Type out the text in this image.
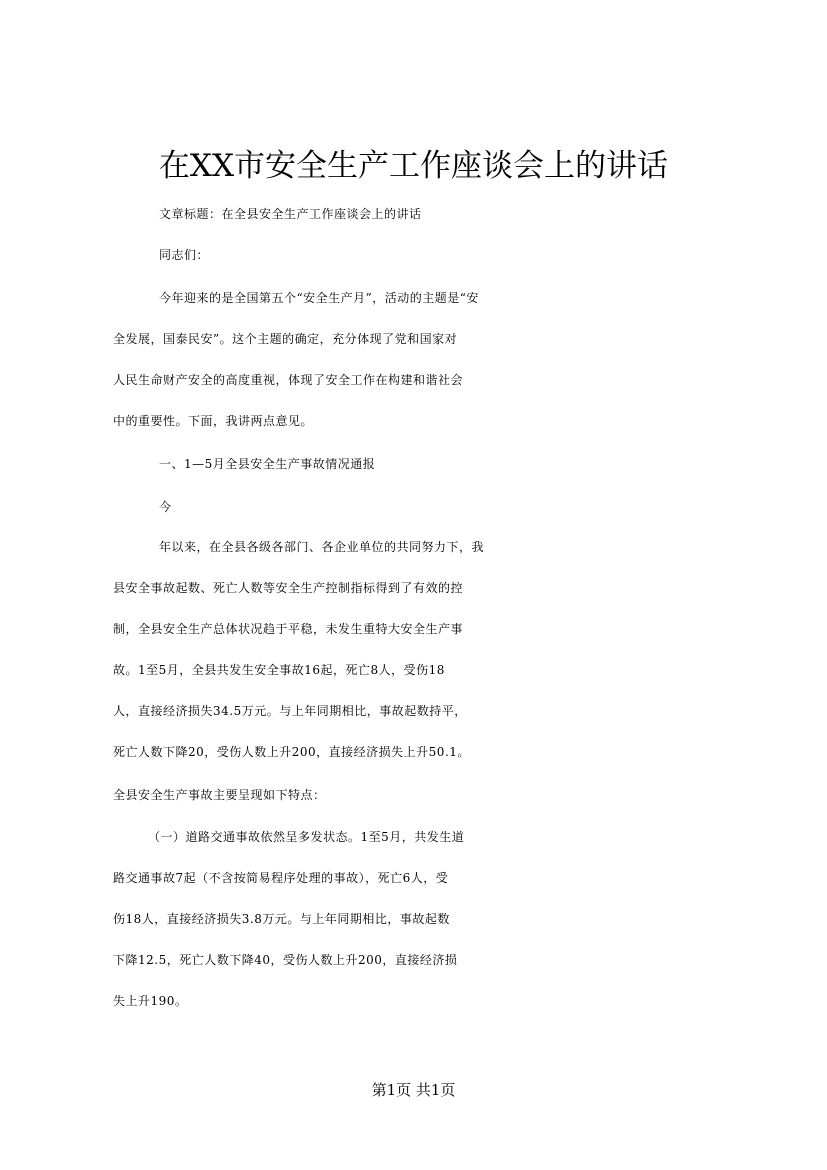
在XX市安全生产工作座谈会上的讲话
文章标题：在全县安全生产工作座谈会上的讲话
同志们：
今年迎来的是全国第五个“安全生产月”，活动的主题是“安
全发展，国泰民安”。这个主题的确定，充分体现了党和国家对
人民生命财产安全的高度重视，体现了安全工作在构建和谐社会
中的重要性。下面，我讲两点意见。
一、1—5月全县安全生产事故情况通报
今
年以来，在全县各级各部门、各企业单位的共同努力下，我
县安全事故起数、死亡人数等安全生产控制指标得到了有效的控
制，全县安全生产总体状况趋于平稳，未发生重特大安全生产事
故。1至5月，全县共发生安全事故16起，死亡8人，受伤18
人，直接经济损失34.5万元。与上年同期相比，事故起数持平，
死亡人数下降20，受伤人数上升200，直接经济损失上升50.1。
全县安全生产事故主要呈现如下特点：
（一）道路交通事故依然呈多发状态。1至5月，共发生道
路交通事故7起（不含按简易程序处理的事故），死亡6人，受
伤18人，直接经济损失3.8万元。与上年同期相比，事故起数
下降12.5，死亡人数下降40，受伤人数上升200，直接经济损
失上升190。
第1页 共1页
